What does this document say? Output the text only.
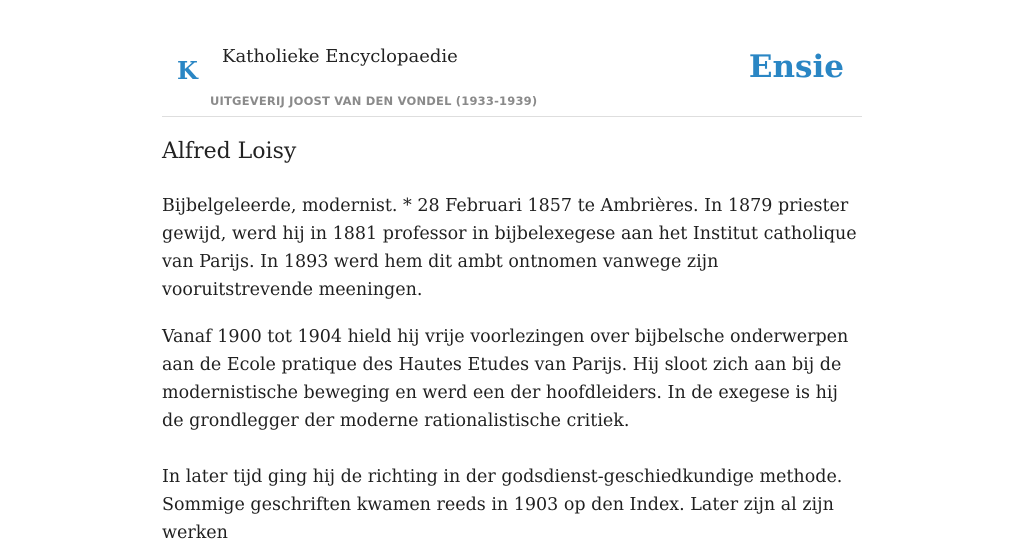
K Katholieke Encyclopaedie
UITGEVERIJ JOOST VAN DEN VONDEL (1933-1939)
Ensie
Alfred Loisy

Bijbelgeleerde, modernist. * 28 Februari 1857 te Ambrières. In 1879 priester gewijd, werd hij in 1881 professor in bijbelexegese aan het Institut catholique van Parijs. In 1893 werd hem dit ambt ontnomen vanwege zijn vooruitstrevende meeningen.

Vanaf 1900 tot 1904 hield hij vrije voorlezingen over bijbelsche onderwerpen aan de Ecole pratique des Hautes Etudes van Parijs. Hij sloot zich aan bij de modernistische beweging en werd een der hoofdleiders. In de exegese is hij de grondlegger der moderne rationalistische critiek.

In later tijd ging hij de richting in der godsdienst-geschiedkundige methode. Sommige geschriften kwamen reeds in 1903 op den Index. Later zijn al zijn werken
